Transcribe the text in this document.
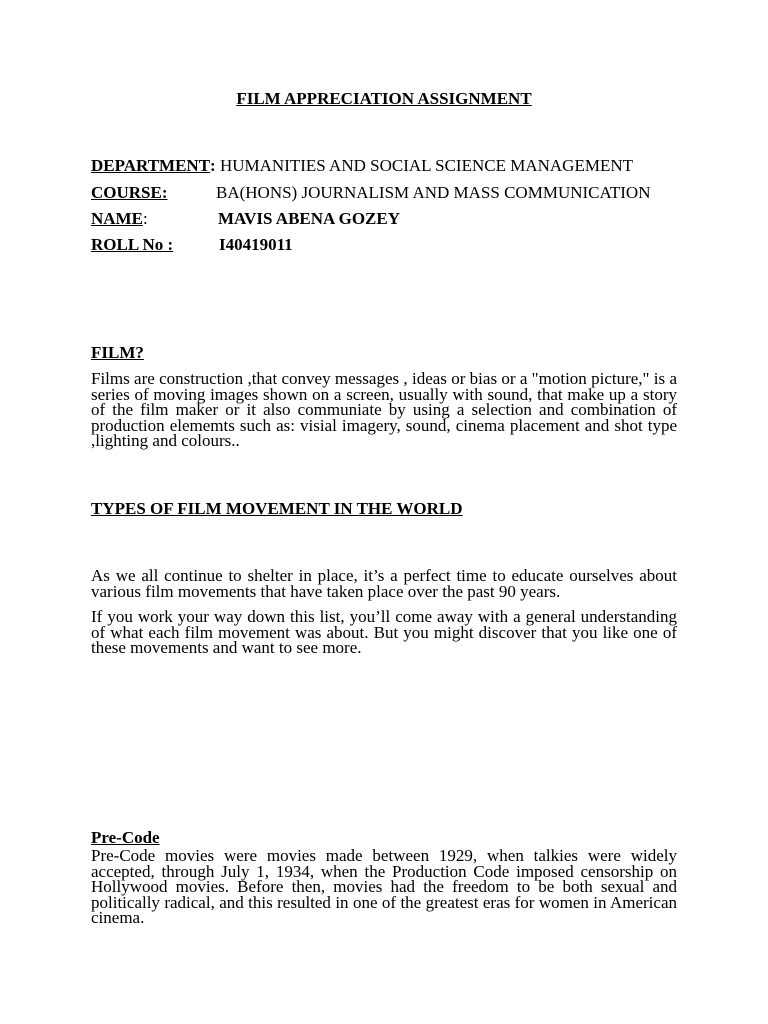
FILM APPRECIATION ASSIGNMENT
DEPARTMENT: HUMANITIES AND SOCIAL SCIENCE MANAGEMENT
COURSE:	BA(HONS) JOURNALISM AND MASS COMMUNICATION
NAME:	MAVIS ABENA GOZEY
ROLL No :	I40419011
FILM?

Films are construction ,that convey messages , ideas or bias or a "motion picture," is a series of moving images shown on a screen, usually with sound, that make up a story of the film maker or it also communiate by using a selection and combination of production elememts such as: visial imagery, sound, cinema placement and shot type ,lighting and colours..

TYPES OF FILM MOVEMENT IN THE WORLD

As we all continue to shelter in place, it’s a perfect time to educate ourselves about various film movements that have taken place over the past 90 years.

If you work your way down this list, you’ll come away with a general understanding of what each film movement was about. But you might discover that you like one of these movements and want to see more.

Pre-Code

Pre-Code movies were movies made between 1929, when talkies were widely accepted, through July 1, 1934, when the Production Code imposed censorship on Hollywood movies. Before then, movies had the freedom to be both sexual and politically radical, and this resulted in one of the greatest eras for women in American cinema.
